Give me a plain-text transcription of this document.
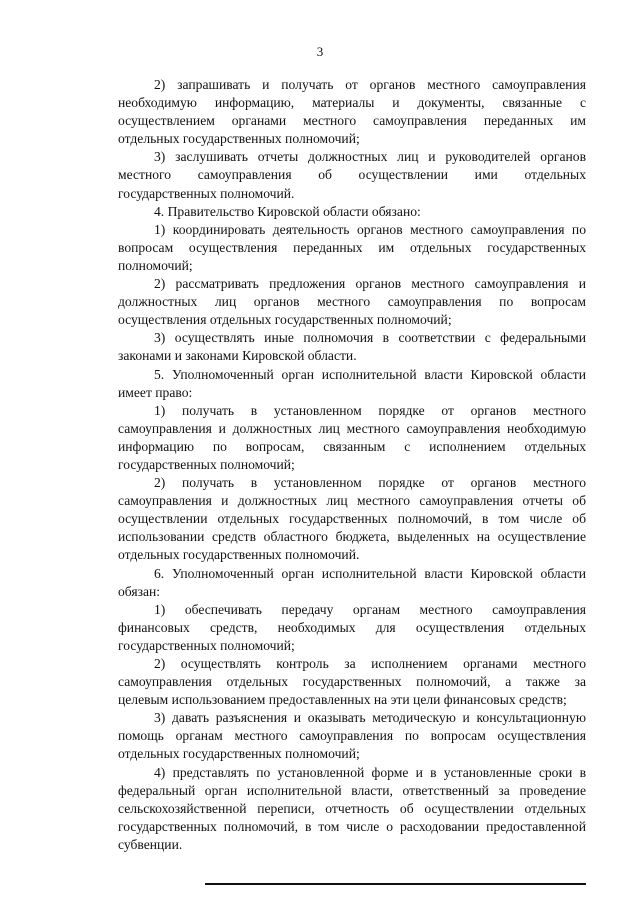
3

2) запрашивать и получать от органов местного самоуправления
необходимую информацию, материалы и документы, связанные с
осуществлением органами местного самоуправления переданных им
отдельных государственных полномочий;

3) заслушивать отчеты должностных лиц и руководителей органов
местного самоуправления об осуществлении ими отдельных
государственных полномочий.

4. Правительство Кировской области обязано:

1) координировать деятельность органов местного самоуправления по
вопросам осуществления переданных им отдельных государственных
полномочий;

2) рассматривать предложения органов местного самоуправления и
должностных лиц органов местного самоуправления по вопросам
осуществления отдельных государственных полномочий;

3) осуществлять иные полномочия в соответствии с федеральными
законами и законами Кировской области.

5. Уполномоченный орган исполнительной власти Кировской области
имеет право:

1) получать в установленном порядке от органов местного
самоуправления и должностных лиц местного самоуправления необходимую
информацию по вопросам, связанным с исполнением отдельных
государственных полномочий;

2) получать в установленном порядке от органов местного
самоуправления и должностных лиц местного самоуправления отчеты об
осуществлении отдельных государственных полномочий, в том числе об
использовании средств областного бюджета, выделенных на осуществление
отдельных государственных полномочий.

6. Уполномоченный орган исполнительной власти Кировской области
обязан:

1) обеспечивать передачу органам местного самоуправления
финансовых средств, необходимых для осуществления отдельных
государственных полномочий;

2) осуществлять контроль за исполнением органами местного
самоуправления отдельных государственных полномочий, а также за
целевым использованием предоставленных на эти цели финансовых средств;

3) давать разъяснения и оказывать методическую и консультационную
помощь органам местного самоуправления по вопросам осуществления
отдельных государственных полномочий;

4) представлять по установленной форме и в установленные сроки в
федеральный орган исполнительной власти, ответственный за проведение
сельскохозяйственной переписи, отчетность об осуществлении отдельных
государственных полномочий, в том числе о расходовании предоставленной
субвенции.
